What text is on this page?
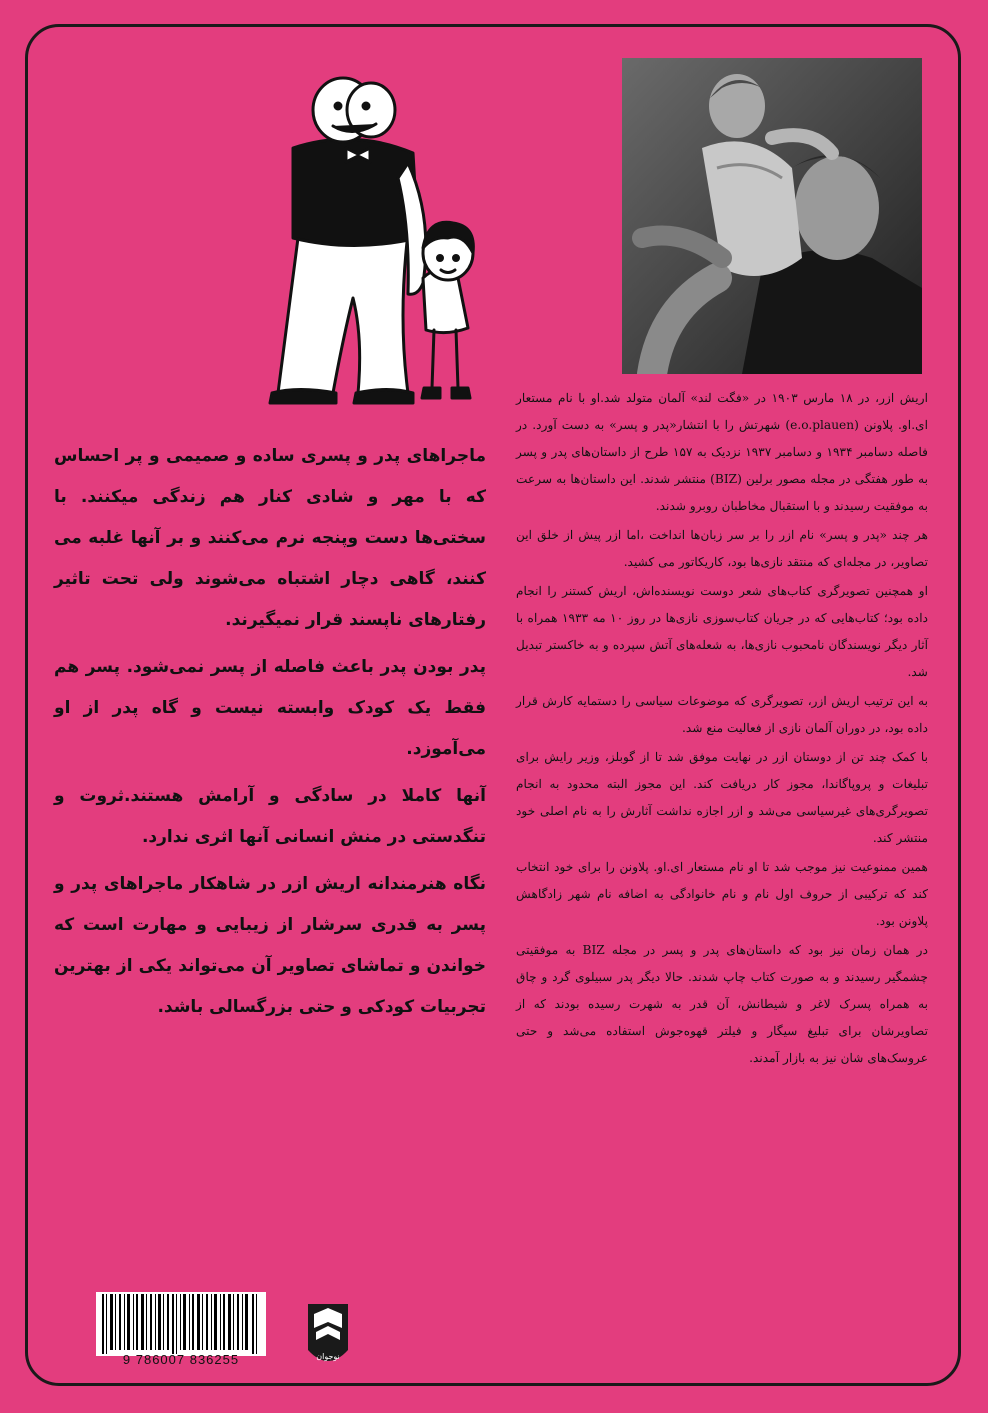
اریش ازر، در ۱۸ مارس ۱۹۰۳ در «فگت لند» آلمان متولد شد.او با نام مستعار ای.او. پلاونن (e.o.plauen) شهرتش را با انتشار«پدر و پسر» به دست آورد. در فاصله دسامبر ۱۹۳۴ و دسامبر ۱۹۳۷ نزدیک به ۱۵۷ طرح از داستان‌های پدر و پسر به طور هفتگی در مجله مصور برلین (BIZ) منتشر شدند. این داستان‌ها به سرعت به موفقیت رسیدند و با استقبال مخاطبان روبرو شدند.

هر چند «پدر و پسر» نام ازر را بر سر زبان‌ها انداخت ،اما ازر پیش از خلق این تصاویر، در مجله‌ای که منتقد نازی‌ها بود، کاریکاتور می کشید.

او همچنین تصویرگری کتاب‌های شعر دوست نویسنده‌اش، اریش کستنر را انجام داده بود؛ کتاب‌هایی که در جریان کتاب‌سوزی نازی‌ها در روز ۱۰ مه ۱۹۳۳ همراه با آثار دیگر نویسندگان نامحبوب نازی‌ها، به شعله‌های آتش سپرده و به خاکستر تبدیل شد.

به این ترتیب اریش ازر، تصویرگری که موضوعات سیاسی را دستمایه کارش قرار داده بود، در دوران آلمان نازی از فعالیت منع شد.

با کمک چند تن از دوستان ازر در نهایت موفق شد تا از گوبلز، وزیر رایش برای تبلیغات و پروپاگاندا، مجوز کار دریافت کند. این مجوز البته محدود به انجام تصویرگری‌های غیرسیاسی می‌شد و ازر اجازه نداشت آثارش را به نام اصلی خود منتشر کند.

همین ممنوعیت نیز موجب شد تا او نام مستعار ای.او. پلاونن را برای خود انتخاب کند که ترکیبی از حروف اول نام و نام خانوادگی به اضافه نام شهر زادگاهش پلاونن بود.

در همان زمان نیز بود که داستان‌های پدر و پسر در مجله BIZ به موفقیتی چشمگیر رسیدند و به صورت کتاب چاپ شدند. حالا دیگر پدر سبیلوی گرد و چاق به همراه پسرک لاغر و شیطانش، آن قدر به شهرت رسیده بودند که از تصاویرشان برای تبلیغ سیگار و فیلتر قهوه‌جوش استفاده می‌شد و حتی عروسک‌های شان نیز به بازار آمدند.

ماجراهای پدر و پسری ساده و صمیمی و پر احساس که با مهر و شادی کنار هم زندگی میکنند. با سختی‌ها دست وپنجه نرم می‌کنند و بر آنها غلبه می کنند، گاهی دچار اشتباه می‌شوند ولی تحت تاثیر رفتارهای ناپسند قرار نمیگیرند.

پدر بودن پدر باعث فاصله از پسر نمی‌شود. پسر هم فقط یک کودک وابسته نیست و گاه پدر از او می‌آموزد.

آنها کاملا در سادگی و آرامش هستند.ثروت و تنگدستی در منش انسانی آنها اثری ندارد.

نگاه هنرمندانه اریش ازر در شاهکار ماجراهای پدر و پسر به قدری سرشار از زیبایی و مهارت است که خواندن و تماشای تصاویر آن می‌تواند یکی از بهترین تجربیات کودکی و حتی بزرگسالی باشد.

9 786007 836255	نوجوان
